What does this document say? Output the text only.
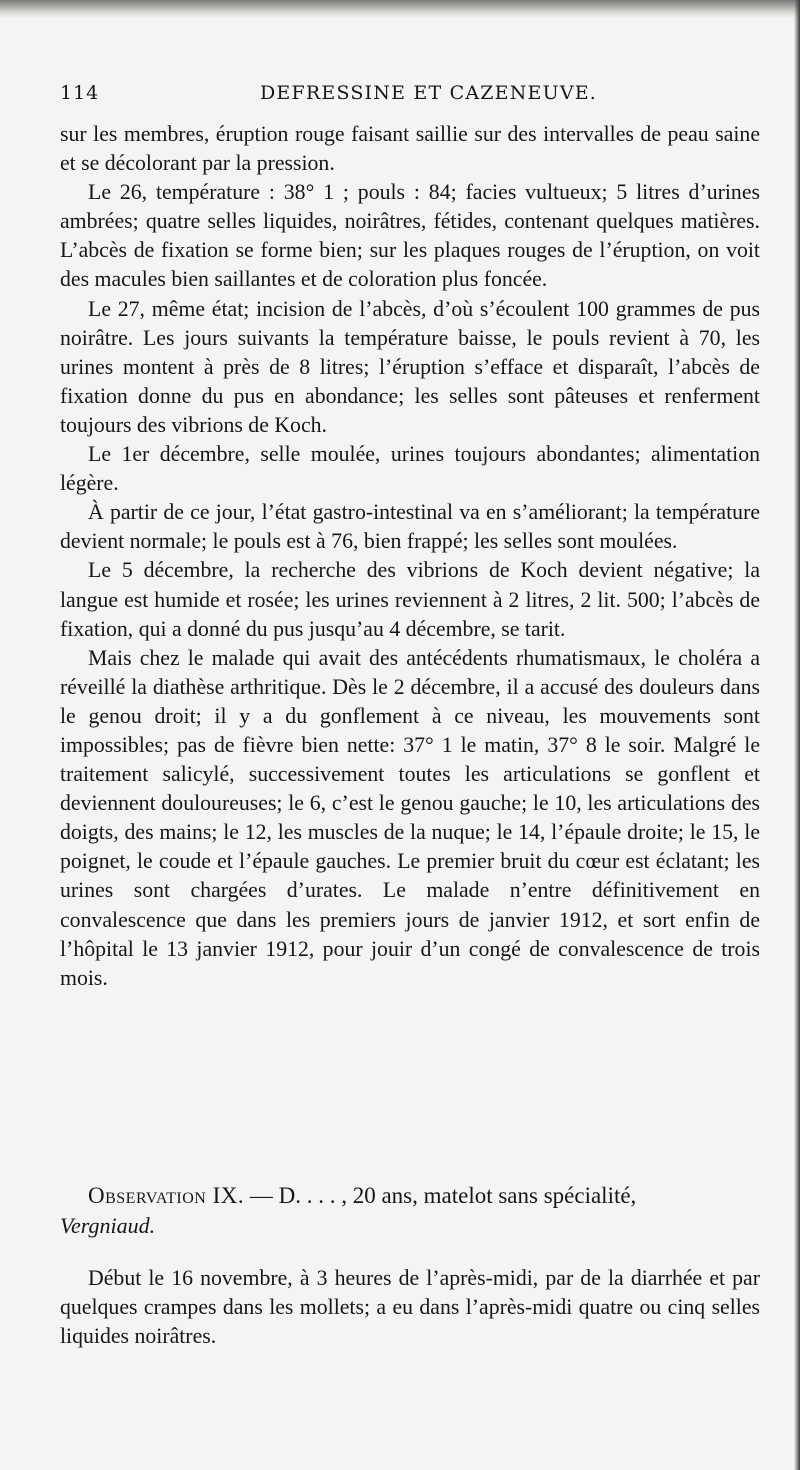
114	DEFRESSINE ET CAZENEUVE.

sur les membres, éruption rouge faisant saillie sur des intervalles de peau saine et se décolorant par la pression.

Le 26, température : 38° 1 ; pouls : 84; facies vultueux; 5 litres d’urines ambrées; quatre selles liquides, noirâtres, fétides, contenant quelques matières. L’abcès de fixation se forme bien; sur les plaques rouges de l’éruption, on voit des macules bien saillantes et de coloration plus foncée.

Le 27, même état; incision de l’abcès, d’où s’écoulent 100 grammes de pus noirâtre. Les jours suivants la température baisse, le pouls revient à 70, les urines montent à près de 8 litres; l’éruption s’efface et disparaît, l’abcès de fixation donne du pus en abondance; les selles sont pâteuses et renferment toujours des vibrions de Koch.

Le 1er décembre, selle moulée, urines toujours abondantes; alimentation légère.

À partir de ce jour, l’état gastro-intestinal va en s’améliorant; la température devient normale; le pouls est à 76, bien frappé; les selles sont moulées.

Le 5 décembre, la recherche des vibrions de Koch devient négative; la langue est humide et rosée; les urines reviennent à 2 litres, 2 lit. 500; l’abcès de fixation, qui a donné du pus jusqu’au 4 décembre, se tarit.

Mais chez le malade qui avait des antécédents rhumatismaux, le choléra a réveillé la diathèse arthritique. Dès le 2 décembre, il a accusé des douleurs dans le genou droit; il y a du gonflement à ce niveau, les mouvements sont impossibles; pas de fièvre bien nette: 37° 1 le matin, 37° 8 le soir. Malgré le traitement salicylé, successivement toutes les articulations se gonflent et deviennent douloureuses; le 6, c’est le genou gauche; le 10, les articulations des doigts, des mains; le 12, les muscles de la nuque; le 14, l’épaule droite; le 15, le poignet, le coude et l’épaule gauches. Le premier bruit du cœur est éclatant; les urines sont chargées d’urates. Le malade n’entre définitivement en convalescence que dans les premiers jours de janvier 1912, et sort enfin de l’hôpital le 13 janvier 1912, pour jouir d’un congé de convalescence de trois mois.

Observation IX. — D. . . . , 20 ans, matelot sans spécialité,

Vergniaud.

Début le 16 novembre, à 3 heures de l’après-midi, par de la diarrhée et par quelques crampes dans les mollets; a eu dans l’après-midi quatre ou cinq selles liquides noirâtres.
